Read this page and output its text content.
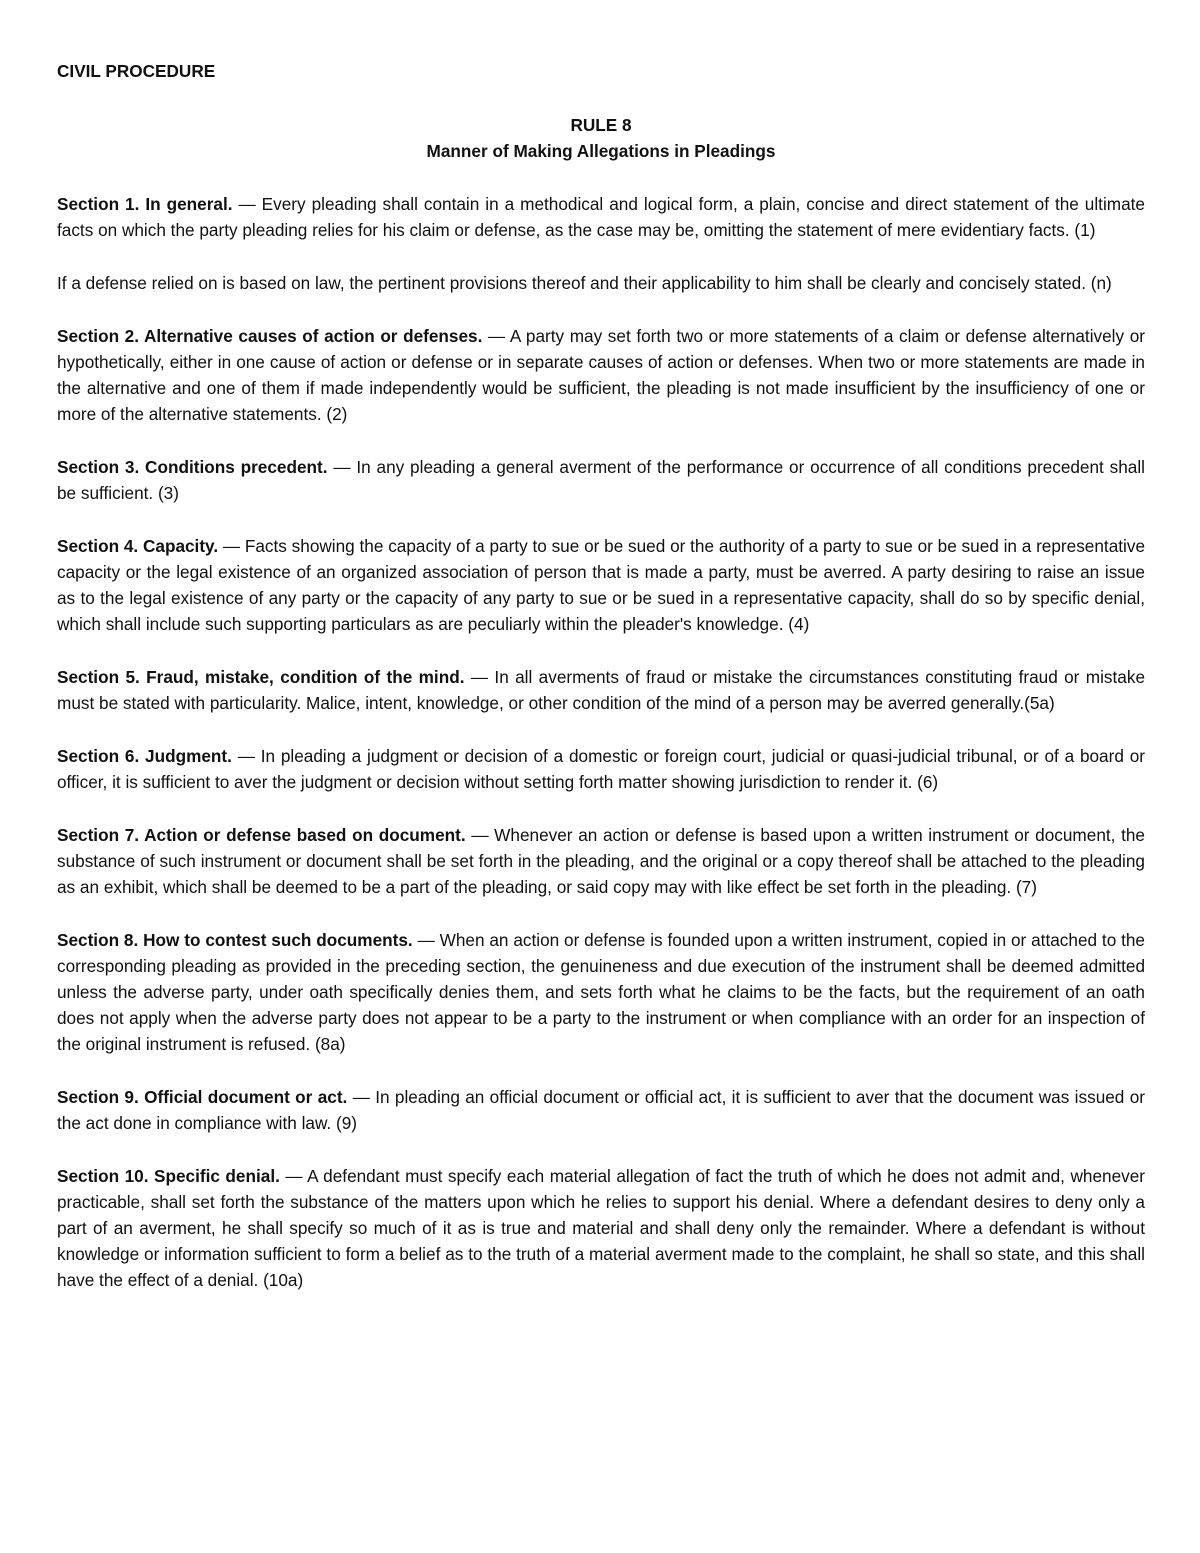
CIVIL PROCEDURE
RULE 8
Manner of Making Allegations in Pleadings

Section 1. In general. — Every pleading shall contain in a methodical and logical form, a plain, concise and direct statement of the ultimate facts on which the party pleading relies for his claim or defense, as the case may be, omitting the statement of mere evidentiary facts. (1)

If a defense relied on is based on law, the pertinent provisions thereof and their applicability to him shall be clearly and concisely stated. (n)

Section 2. Alternative causes of action or defenses. — A party may set forth two or more statements of a claim or defense alternatively or hypothetically, either in one cause of action or defense or in separate causes of action or defenses. When two or more statements are made in the alternative and one of them if made independently would be sufficient, the pleading is not made insufficient by the insufficiency of one or more of the alternative statements. (2)

Section 3. Conditions precedent. — In any pleading a general averment of the performance or occurrence of all conditions precedent shall be sufficient. (3)

Section 4. Capacity. — Facts showing the capacity of a party to sue or be sued or the authority of a party to sue or be sued in a representative capacity or the legal existence of an organized association of person that is made a party, must be averred. A party desiring to raise an issue as to the legal existence of any party or the capacity of any party to sue or be sued in a representative capacity, shall do so by specific denial, which shall include such supporting particulars as are peculiarly within the pleader's knowledge. (4)

Section 5. Fraud, mistake, condition of the mind. — In all averments of fraud or mistake the circumstances constituting fraud or mistake must be stated with particularity. Malice, intent, knowledge, or other condition of the mind of a person may be averred generally.(5a)

Section 6. Judgment. — In pleading a judgment or decision of a domestic or foreign court, judicial or quasi-judicial tribunal, or of a board or officer, it is sufficient to aver the judgment or decision without setting forth matter showing jurisdiction to render it. (6)

Section 7. Action or defense based on document. — Whenever an action or defense is based upon a written instrument or document, the substance of such instrument or document shall be set forth in the pleading, and the original or a copy thereof shall be attached to the pleading as an exhibit, which shall be deemed to be a part of the pleading, or said copy may with like effect be set forth in the pleading. (7)

Section 8. How to contest such documents. — When an action or defense is founded upon a written instrument, copied in or attached to the corresponding pleading as provided in the preceding section, the genuineness and due execution of the instrument shall be deemed admitted unless the adverse party, under oath specifically denies them, and sets forth what he claims to be the facts, but the requirement of an oath does not apply when the adverse party does not appear to be a party to the instrument or when compliance with an order for an inspection of the original instrument is refused. (8a)

Section 9. Official document or act. — In pleading an official document or official act, it is sufficient to aver that the document was issued or the act done in compliance with law. (9)

Section 10. Specific denial. — A defendant must specify each material allegation of fact the truth of which he does not admit and, whenever practicable, shall set forth the substance of the matters upon which he relies to support his denial. Where a defendant desires to deny only a part of an averment, he shall specify so much of it as is true and material and shall deny only the remainder. Where a defendant is without knowledge or information sufficient to form a belief as to the truth of a material averment made to the complaint, he shall so state, and this shall have the effect of a denial. (10a)
